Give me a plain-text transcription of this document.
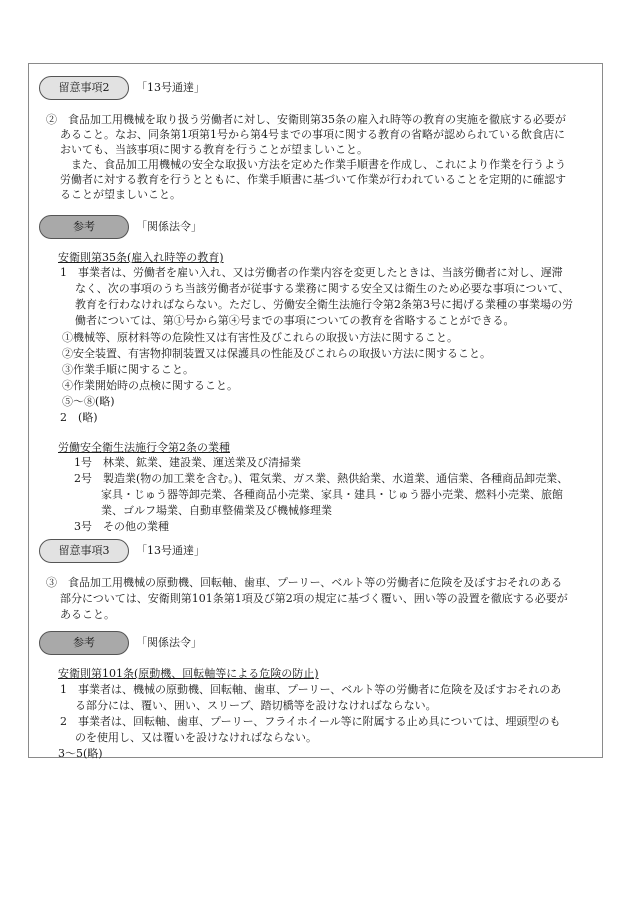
留意事項2	「13号通達」
②　食品加工用機械を取り扱う労働者に対し、安衛則第35条の雇入れ時等の教育の実施を徹底する必要が
あること。なお、同条第1項第1号から第4号までの事項に関する教育の省略が認められている飲食店に
おいても、当該事項に関する教育を行うことが望ましいこと。
　また、食品加工用機械の安全な取扱い方法を定めた作業手順書を作成し、これにより作業を行うよう
労働者に対する教育を行うとともに、作業手順書に基づいて作業が行われていることを定期的に確認す
ることが望ましいこと。
参考	「関係法令」
安衛則第35条(雇入れ時等の教育)
1　事業者は、労働者を雇い入れ、又は労働者の作業内容を変更したときは、当該労働者に対し、遅滞
なく、次の事項のうち当該労働者が従事する業務に関する安全又は衛生のため必要な事項について、
教育を行わなければならない。ただし、労働安全衛生法施行令第2条第3号に掲げる業種の事業場の労
働者については、第①号から第④号までの事項についての教育を省略することができる。
①機械等、原材料等の危険性又は有害性及びこれらの取扱い方法に関すること。
②安全装置、有害物抑制装置又は保護具の性能及びこれらの取扱い方法に関すること。
③作業手順に関すること。
④作業開始時の点検に関すること。
⑤～⑧(略)
2　(略)
労働安全衛生法施行令第2条の業種
1号　林業、鉱業、建設業、運送業及び清掃業
2号　製造業(物の加工業を含む。)、電気業、ガス業、熱供給業、水道業、通信業、各種商品卸売業、
家具・じゅう器等卸売業、各種商品小売業、家具・建具・じゅう器小売業、燃料小売業、旅館
業、ゴルフ場業、自動車整備業及び機械修理業
3号　その他の業種
留意事項3	「13号通達」
③　食品加工用機械の原動機、回転軸、歯車、プーリー、ベルト等の労働者に危険を及ぼすおそれのある
部分については、安衛則第101条第1項及び第2項の規定に基づく覆い、囲い等の設置を徹底する必要が
あること。
参考	「関係法令」
安衛則第101条(原動機、回転軸等による危険の防止)
1　事業者は、機械の原動機、回転軸、歯車、プーリー、ベルト等の労働者に危険を及ぼすおそれのあ
る部分には、覆い、囲い、スリーブ、踏切橋等を設けなければならない。
2　事業者は、回転軸、歯車、プーリー、フライホイール等に附属する止め具については、埋頭型のも
のを使用し、又は覆いを設けなければならない。
3～5(略)
